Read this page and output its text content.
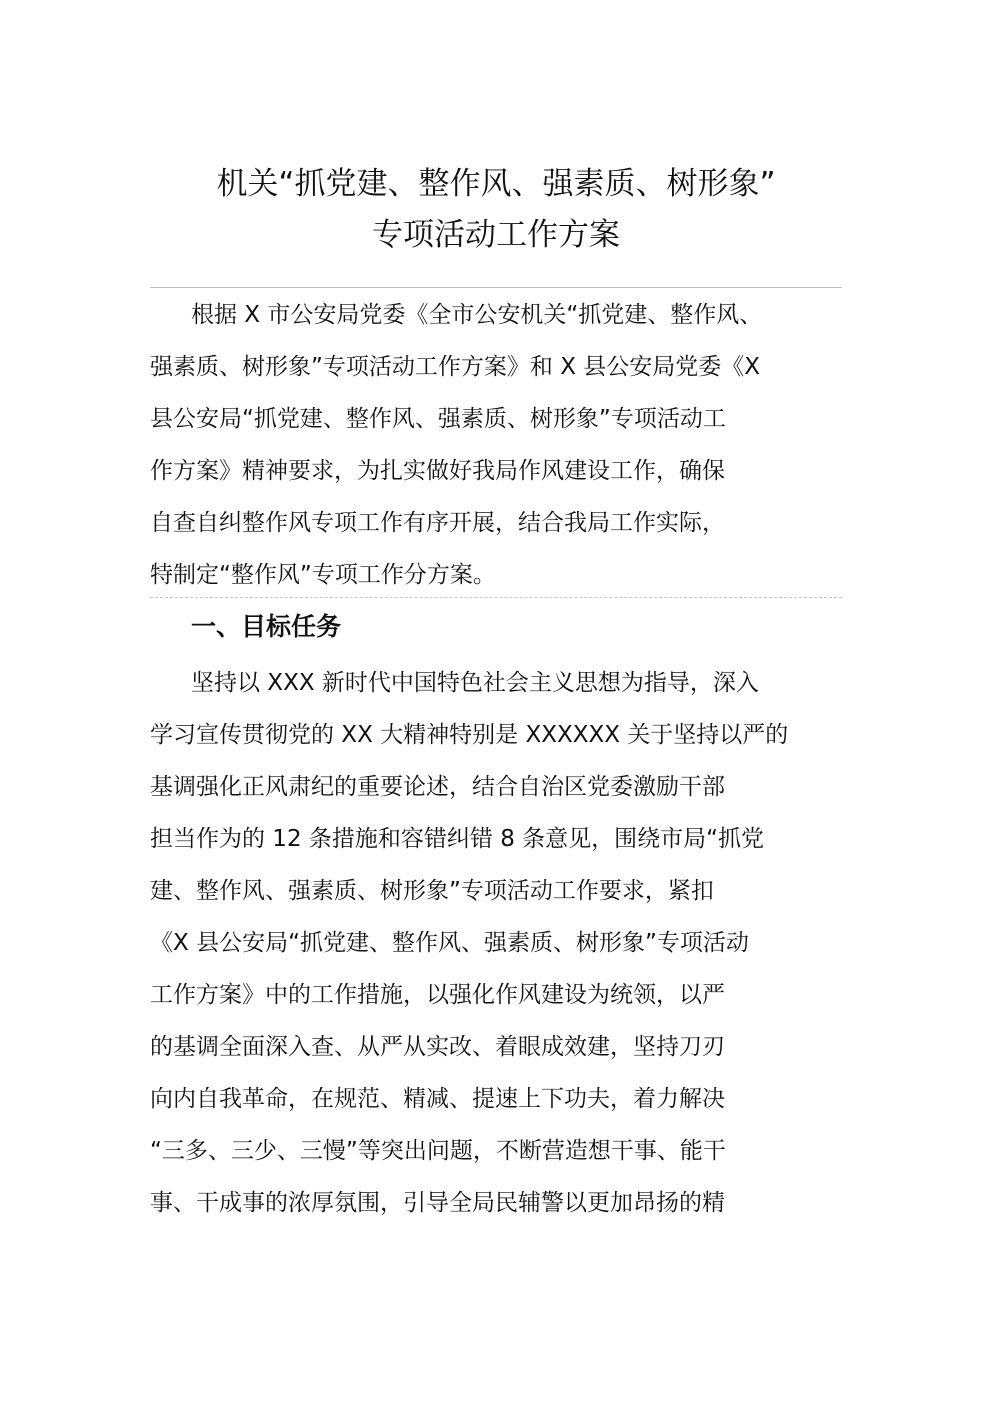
机关“抓党建、整作风、强素质、树形象”
专项活动工作方案
根据 X 市公安局党委《全市公安机关“抓党建、整作风、
强素质、树形象”专项活动工作方案》和 X 县公安局党委《X
县公安局“抓党建、整作风、强素质、树形象”专项活动工
作方案》精神要求，为扎实做好我局作风建设工作，确保
自查自纠整作风专项工作有序开展，结合我局工作实际，
特制定“整作风”专项工作分方案。
一、目标任务
坚持以 XXX 新时代中国特色社会主义思想为指导，深入
学习宣传贯彻党的 XX 大精神特别是 XXXXXX 关于坚持以严的
基调强化正风肃纪的重要论述，结合自治区党委激励干部
担当作为的 12 条措施和容错纠错 8 条意见，围绕市局“抓党
建、整作风、强素质、树形象”专项活动工作要求，紧扣
《X 县公安局“抓党建、整作风、强素质、树形象”专项活动
工作方案》中的工作措施，以强化作风建设为统领，以严
的基调全面深入查、从严从实改、着眼成效建，坚持刀刃
向内自我革命，在规范、精减、提速上下功夫，着力解决
“三多、三少、三慢”等突出问题，不断营造想干事、能干
事、干成事的浓厚氛围，引导全局民辅警以更加昂扬的精
